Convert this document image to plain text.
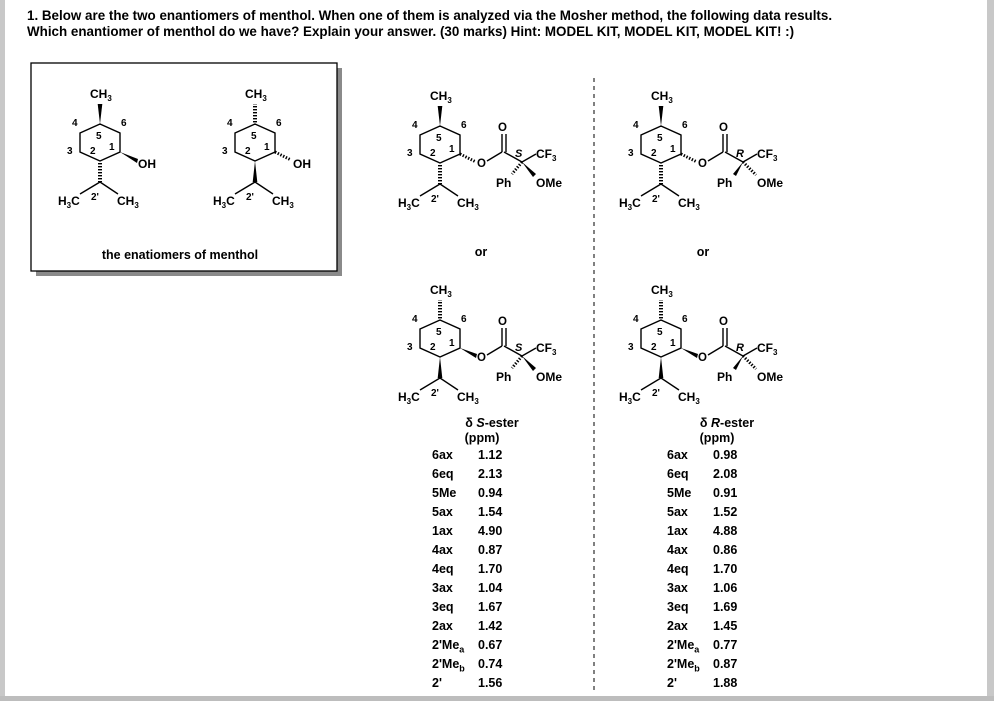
1. Below are the two enantiomers of menthol. When one of them is analyzed via the Mosher method, the following data results.
Which enantiomer of menthol do we have? Explain your answer. (30 marks) Hint: MODEL KIT, MODEL KIT, MODEL KIT! :)
the enatiomers of menthol	or	or
$CH_3$
OH
$H_3C$ 2' $CH_3$
5
6
4
3 2 1
$CH_3$
OH
$H_3C$ 2' $CH_3$
5
6
4
3 2 1
$CH_3$
O
O
S $CF_3$
Ph OMe
$H_3C$ 2' $CH_3$
5
6
4
3 2 1
$CH_3$
O
O
R $CF_3$
Ph OMe
$H_3C$ 2' $CH_3$
5
6
4
3 2 1
$CH_3$
O
O
S $CF_3$
Ph OMe
$H_3C$ 2' $CH_3$
5
6
4
3 2 1
$CH_3$
O
O
R $CF_3$
Ph OMe
$H_3C$ 2' $CH_3$
5
6
4
3 2 1
δ S-ester
(ppm)
6ax	1.12
6eq	2.13
5Me	0.94
5ax	1.54
1ax	4.90
4ax	0.87
4eq	1.70
3ax	1.04
3eq	1.67
2ax	1.42
$2'Me_a$	0.67
$2'Me_b$	0.74
2'	1.56
δ R-ester
(ppm)
6ax	0.98
6eq	2.08
5Me	0.91
5ax	1.52
1ax	4.88
4ax	0.86
4eq	1.70
3ax	1.06
3eq	1.69
2ax	1.45
$2'Me_a$	0.77
$2'Me_b$	0.87
2'	1.88
